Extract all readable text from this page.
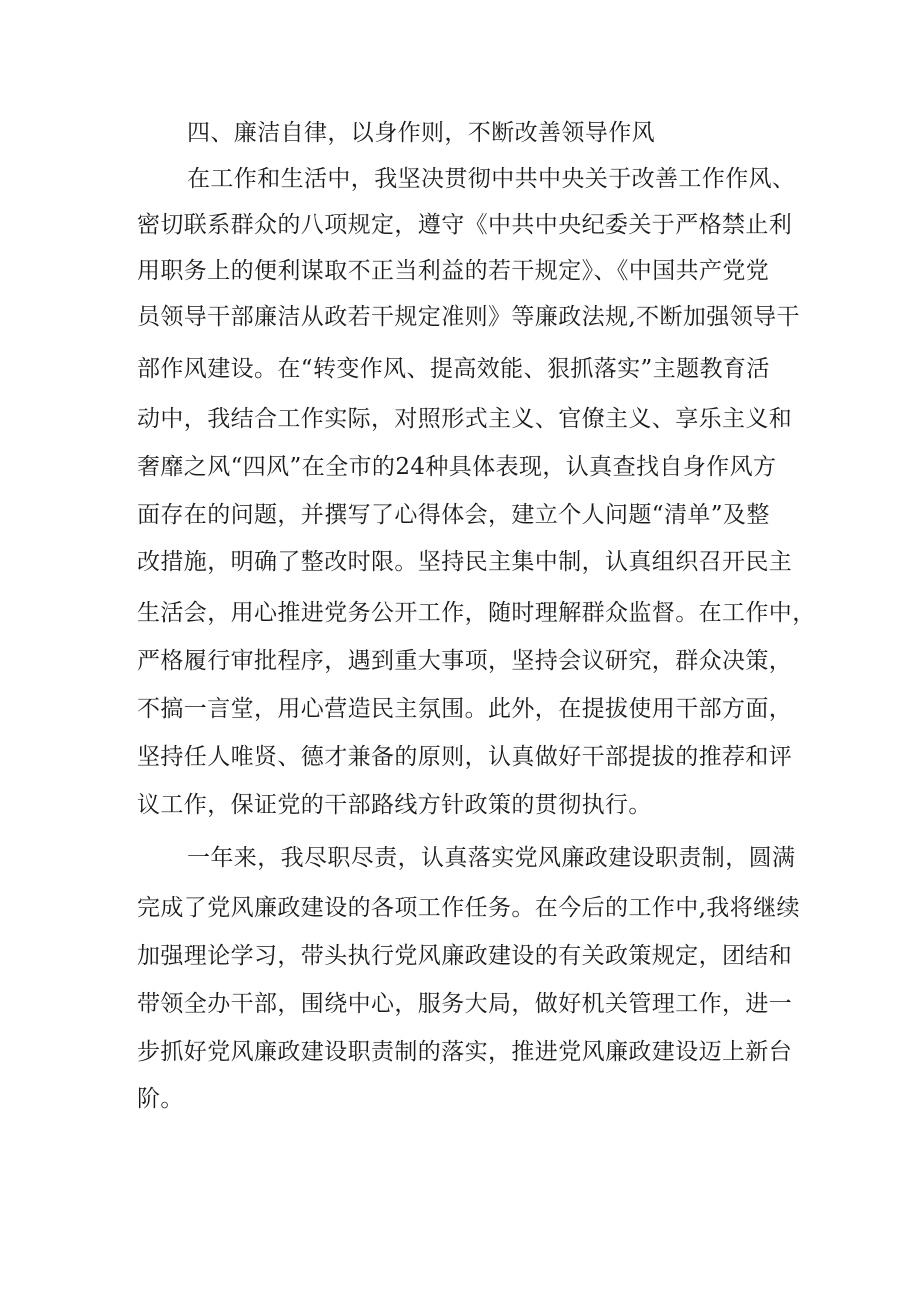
四、廉洁自律，以身作则，不断改善领导作风
在工作和生活中，我坚决贯彻中共中央关于改善工作作风、
密切联系群众的八项规定，遵守《中共中央纪委关于严格禁止利
用职务上的便利谋取不正当利益的若干规定》、《中国共产党党
员领导干部廉洁从政若干规定准则》等廉政法规,不断加强领导干
部作风建设。在“转变作风、提高效能、狠抓落实”主题教育活
动中，我结合工作实际，对照形式主义、官僚主义、享乐主义和
奢靡之风“四风”在全市的24种具体表现，认真查找自身作风方
面存在的问题，并撰写了心得体会，建立个人问题“清单”及整
改措施，明确了整改时限。坚持民主集中制，认真组织召开民主
生活会，用心推进党务公开工作，随时理解群众监督。在工作中，
严格履行审批程序，遇到重大事项，坚持会议研究，群众决策，
不搞一言堂，用心营造民主氛围。此外，在提拔使用干部方面，
坚持任人唯贤、德才兼备的原则，认真做好干部提拔的推荐和评
议工作，保证党的干部路线方针政策的贯彻执行。
一年来，我尽职尽责，认真落实党风廉政建设职责制，圆满
完成了党风廉政建设的各项工作任务。在今后的工作中,我将继续
加强理论学习，带头执行党风廉政建设的有关政策规定，团结和
带领全办干部，围绕中心，服务大局，做好机关管理工作，进一
步抓好党风廉政建设职责制的落实，推进党风廉政建设迈上新台
阶。
